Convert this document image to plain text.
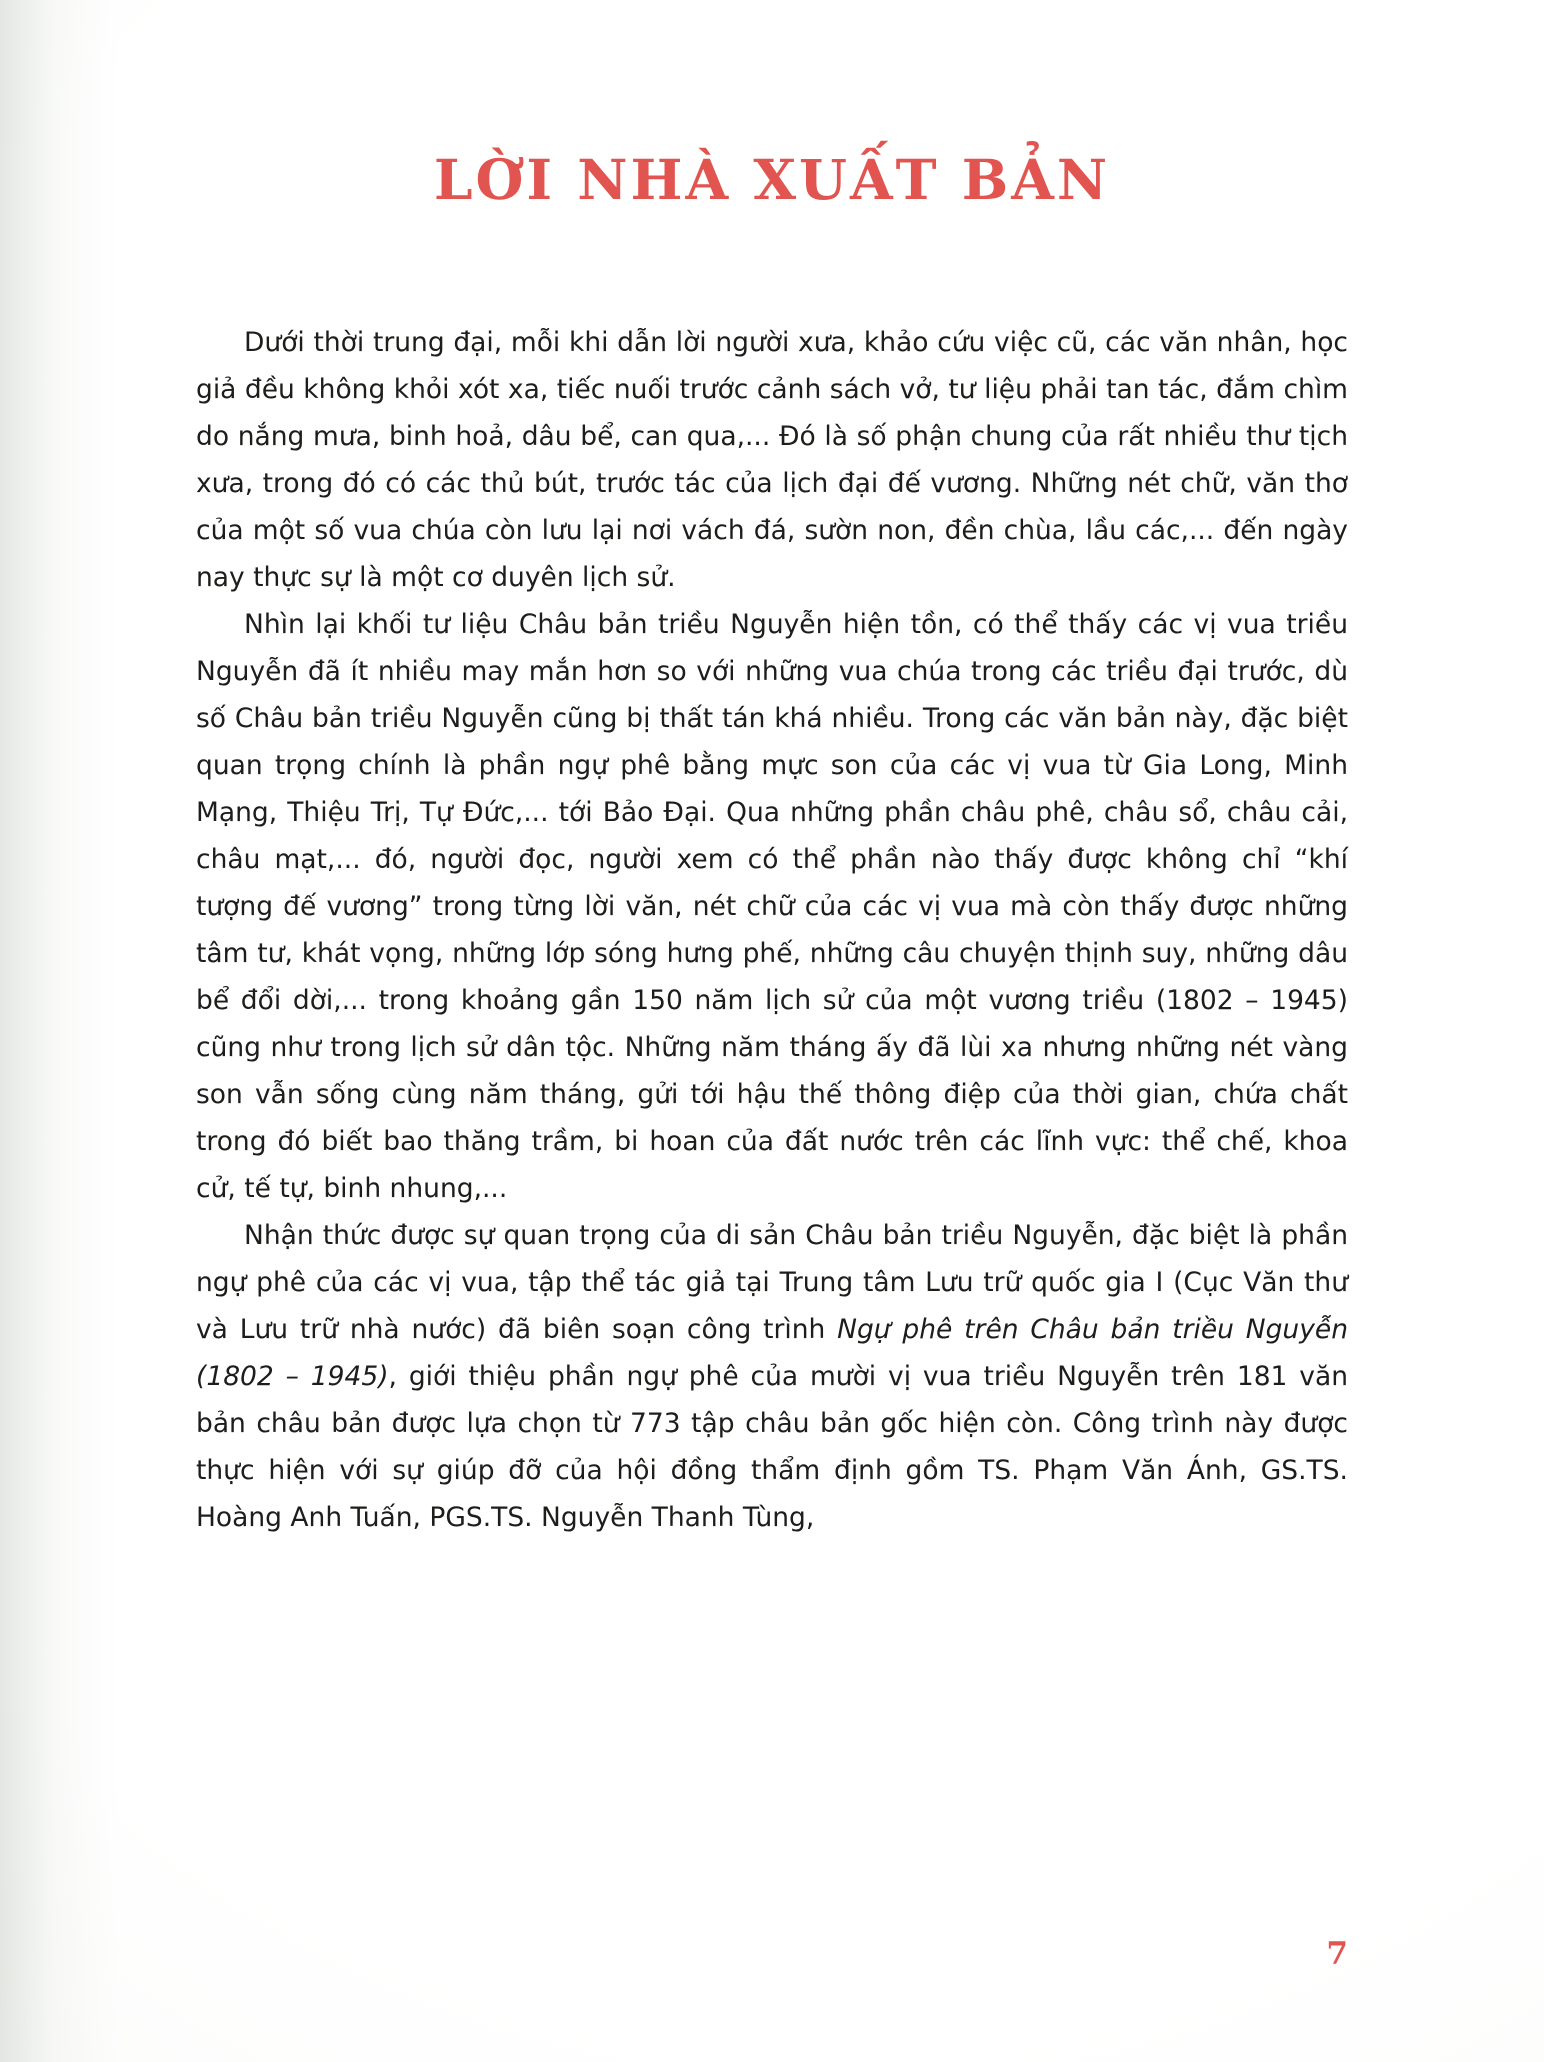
LỜI NHÀ XUẤT BẢN

Dưới thời trung đại, mỗi khi dẫn lời người xưa, khảo cứu việc cũ, các văn nhân, học giả đều không khỏi xót xa, tiếc nuối trước cảnh sách vở, tư liệu phải tan tác, đắm chìm do nắng mưa, binh hoả, dâu bể, can qua,... Đó là số phận chung của rất nhiều thư tịch xưa, trong đó có các thủ bút, trước tác của lịch đại đế vương. Những nét chữ, văn thơ của một số vua chúa còn lưu lại nơi vách đá, sườn non, đền chùa, lầu các,... đến ngày nay thực sự là một cơ duyên lịch sử.

Nhìn lại khối tư liệu Châu bản triều Nguyễn hiện tồn, có thể thấy các vị vua triều Nguyễn đã ít nhiều may mắn hơn so với những vua chúa trong các triều đại trước, dù số Châu bản triều Nguyễn cũng bị thất tán khá nhiều. Trong các văn bản này, đặc biệt quan trọng chính là phần ngự phê bằng mực son của các vị vua từ Gia Long, Minh Mạng, Thiệu Trị, Tự Đức,... tới Bảo Đại. Qua những phần châu phê, châu sổ, châu cải, châu mạt,... đó, người đọc, người xem có thể phần nào thấy được không chỉ “khí tượng đế vương” trong từng lời văn, nét chữ của các vị vua mà còn thấy được những tâm tư, khát vọng, những lớp sóng hưng phế, những câu chuyện thịnh suy, những dâu bể đổi dời,... trong khoảng gần 150 năm lịch sử của một vương triều (1802 – 1945) cũng như trong lịch sử dân tộc. Những năm tháng ấy đã lùi xa nhưng những nét vàng son vẫn sống cùng năm tháng, gửi tới hậu thế thông điệp của thời gian, chứa chất trong đó biết bao thăng trầm, bi hoan của đất nước trên các lĩnh vực: thể chế, khoa cử, tế tự, binh nhung,...

Nhận thức được sự quan trọng của di sản Châu bản triều Nguyễn, đặc biệt là phần ngự phê của các vị vua, tập thể tác giả tại Trung tâm Lưu trữ quốc gia I (Cục Văn thư và Lưu trữ nhà nước) đã biên soạn công trình Ngự phê trên Châu bản triều Nguyễn (1802 – 1945), giới thiệu phần ngự phê của mười vị vua triều Nguyễn trên 181 văn bản châu bản được lựa chọn từ 773 tập châu bản gốc hiện còn. Công trình này được thực hiện với sự giúp đỡ của hội đồng thẩm định gồm TS. Phạm Văn Ánh, GS.TS. Hoàng Anh Tuấn, PGS.TS. Nguyễn Thanh Tùng,

7
